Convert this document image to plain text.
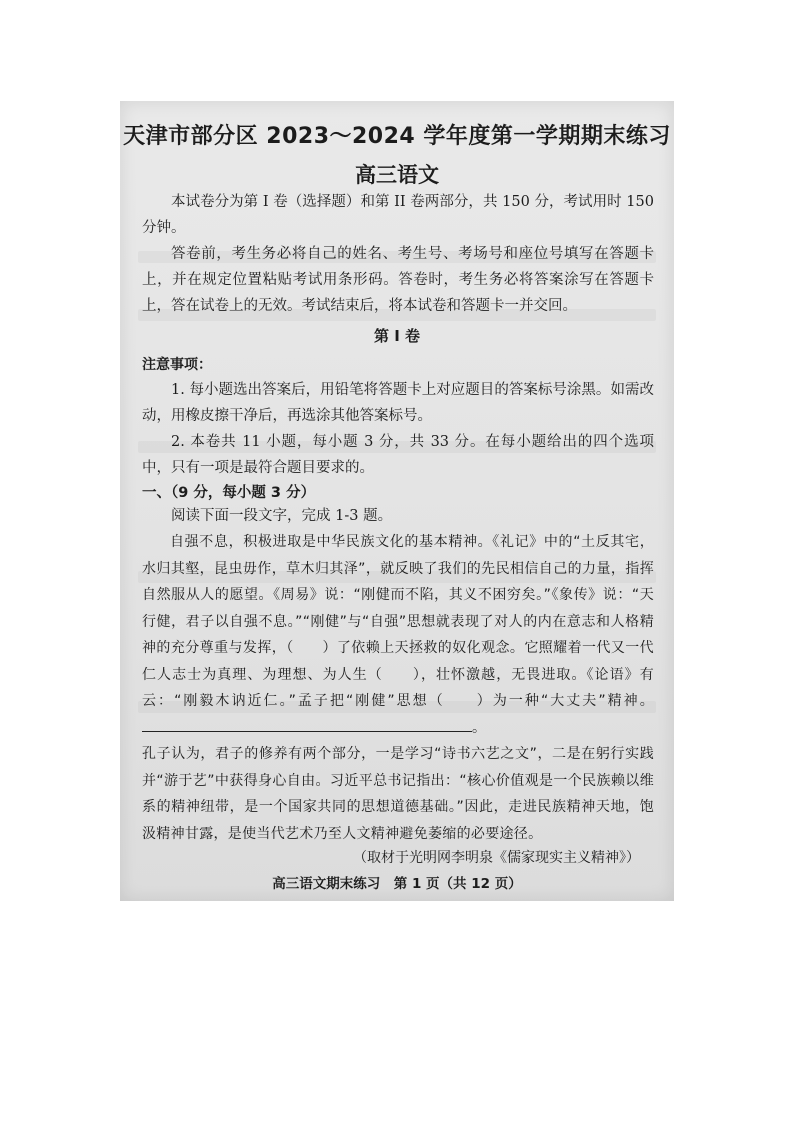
天津市部分区 2023～2024 学年度第一学期期末练习
高三语文
本试卷分为第 I 卷（选择题）和第 II 卷两部分，共 150 分，考试用时 150 分钟。
答卷前，考生务必将自己的姓名、考生号、考场号和座位号填写在答题卡上，并在规定位置粘贴考试用条形码。答卷时，考生务必将答案涂写在答题卡上，答在试卷上的无效。考试结束后，将本试卷和答题卡一并交回。
第 I 卷
注意事项：
1. 每小题选出答案后，用铅笔将答题卡上对应题目的答案标号涂黑。如需改动，用橡皮擦干净后，再选涂其他答案标号。
2. 本卷共 11 小题，每小题 3 分，共 33 分。在每小题给出的四个选项中，只有一项是最符合题目要求的。
一、（9 分，每小题 3 分）
阅读下面一段文字，完成 1-3 题。

自强不息，积极进取是中华民族文化的基本精神。《礼记》中的“土反其宅，水归其壑，昆虫毋作，草木归其泽”，就反映了我们的先民相信自己的力量，指挥自然服从人的愿望。《周易》说：“刚健而不陷，其义不困穷矣。”《象传》说：“天行健，君子以自强不息。”“刚健”与“自强”思想就表现了对人的内在意志和人格精神的充分尊重与发挥，（　　）了依赖上天拯救的奴化观念。它照耀着一代又一代仁人志士为真理、为理想、为人生（　　），壮怀激越，无畏进取。《论语》有云：“刚毅木讷近仁。”孟子把“刚健”思想（　　）为一种“大丈夫”精神。。

孔子认为，君子的修养有两个部分，一是学习“诗书六艺之文”，二是在躬行实践并“游于艺”中获得身心自由。习近平总书记指出：“核心价值观是一个民族赖以维系的精神纽带，是一个国家共同的思想道德基础。”因此，走进民族精神天地，饱汲精神甘露，是使当代艺术乃至人文精神避免萎缩的必要途径。

（取材于光明网李明泉《儒家现实主义精神》）
高三语文期末练习　第 1 页（共 12 页）
